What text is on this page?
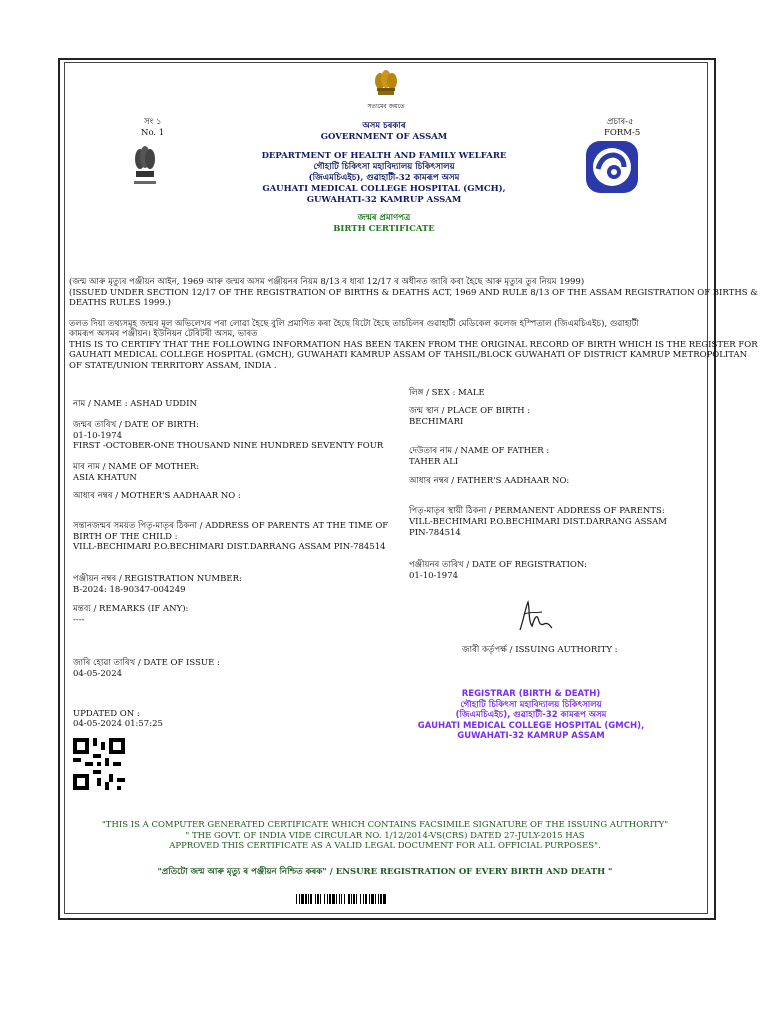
সত্যমেব জয়তে
সং ১
No. 1
প্ৰচাৰ-৫
FORM-5
অসম চৰকাৰ
GOVERNMENT OF ASSAM
DEPARTMENT OF HEALTH AND FAMILY WELFARE
গৌহাটি চিকিৎসা মহাবিদ্যালয় চিকিৎসালয়
(জিএমচিএইচ), গুৱাহাটী-32 কামৰূপ অসম
GAUHATI MEDICAL COLLEGE HOSPITAL (GMCH),
GUWAHATI-32 KAMRUP ASSAM
জন্মৰ প্ৰমাণপত্ৰ
BIRTH CERTIFICATE
(জন্ম আৰু মৃত্যুৰ পঞ্জীয়ন আইন, 1969 আৰু জন্মৰ অসম পঞ্জীয়নৰ নিয়ম 8/13 ৰ ধাৰা 12/17 ৰ অধীনত জাৰি কৰা হৈছে আৰু মৃত্যুৰ তুৰ নিয়ম 1999)
(ISSUED UNDER SECTION 12/17 OF THE REGISTRATION OF BIRTHS & DEATHS ACT, 1969 AND RULE 8/13 OF THE ASSAM REGISTRATION OF BIRTHS &
DEATHS RULES 1999.)
তলত দিয়া তথ্যসমূহ জন্মৰ মূল অভিলেখৰ পৰা লোৱা হৈছে বুলি প্ৰমাণিত কৰা হৈছে যিটো হৈছে তাচচিলৰ গুৱাহাটী মেডিকেল কলেজ হস্পিতাল (জিএমচিএইচ), গুৱাহাটী
কামৰূপ অসমৰ পঞ্জীয়ন। ইউনিয়ন টেৰিটৰী অসম, ভাৰত
THIS IS TO CERTIFY THAT THE FOLLOWING INFORMATION HAS BEEN TAKEN FROM THE ORIGINAL RECORD OF BIRTH WHICH IS THE REGISTER FOR
GAUHATI MEDICAL COLLEGE HOSPITAL (GMCH), GUWAHATI KAMRUP ASSAM OF TAHSIL/BLOCK GUWAHATI OF DISTRICT KAMRUP METROPOLITAN
OF STATE/UNION TERRITORY ASSAM, INDIA .
নাম / NAME : ASHAD UDDIN
জন্মৰ তাৰিখ / DATE OF BIRTH:
01-10-1974
FIRST -OCTOBER-ONE THOUSAND NINE HUNDRED SEVENTY FOUR
মাৰ নাম / NAME OF MOTHER:
ASIA KHATUN
আধাৰ নম্বৰ / MOTHER'S AADHAAR NO :
সন্তানজন্মৰ সময়ত পিতৃ-মাতৃৰ ঠিকনা / ADDRESS OF PARENTS AT THE TIME OF
BIRTH OF THE CHILD :
VILL-BECHIMARI P.O.BECHIMARI DIST.DARRANG ASSAM PIN-784514
পঞ্জীয়ন নম্বৰ / REGISTRATION NUMBER:
B-2024: 18-90347-004249
মন্তব্য / REMARKS (IF ANY):
----
জাৰি হোৱা তাৰিখ / DATE OF ISSUE :
04-05-2024
UPDATED ON :
04-05-2024 01:57:25
লিঙ্গ / SEX : MALE
জন্ম স্থান / PLACE OF BIRTH :
BECHIMARI
দেউতাৰ নাম / NAME OF FATHER :
TAHER ALI
আধাৰ নম্বৰ / FATHER'S AADHAAR NO:
পিতৃ-মাতৃৰ স্থায়ী ঠিকনা / PERMANENT ADDRESS OF PARENTS:
VILL-BECHIMARI P.O.BECHIMARI DIST.DARRANG ASSAM
PIN-784514
পঞ্জীয়নৰ তাৰিখ / DATE OF REGISTRATION:
01-10-1974
জাৰী কৰ্তৃপৰ্ক্ষ / ISSUING AUTHORITY :
REGISTRAR (BIRTH & DEATH)
গৌহাটি চিকিৎসা মহাবিদ্যালয় চিকিৎসালয়
(জিএমচিএইচ), গুৱাহাটী-32 কামৰূপ অসম
GAUHATI MEDICAL COLLEGE HOSPITAL (GMCH),
GUWAHATI-32 KAMRUP ASSAM
"THIS IS A COMPUTER GENERATED CERTIFICATE WHICH CONTAINS FACSIMILE SIGNATURE OF THE ISSUING AUTHORITY"
" THE GOVT. OF INDIA VIDE CIRCULAR NO. 1/12/2014-VS(CRS) DATED 27-JULY-2015 HAS
APPROVED THIS CERTIFICATE AS A VALID LEGAL DOCUMENT FOR ALL OFFICIAL PURPOSES".
"প্ৰতিটো জন্ম আৰু মৃত্যু ৰ পঞ্জীয়ন নিশ্চিত কৰক" / ENSURE REGISTRATION OF EVERY BIRTH AND DEATH "
